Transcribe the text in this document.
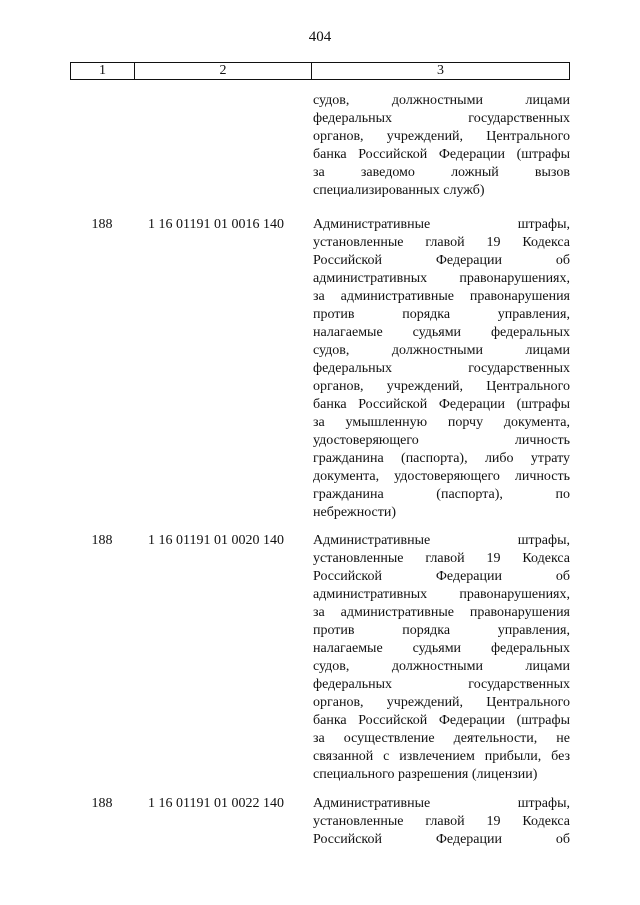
404
1	2	3
судов, должностными лицами
федеральных государственных
органов, учреждений, Центрального
банка Российской Федерации (штрафы
за заведомо ложный вызов
специализированных служб)
188	1 16 01191 01 0016 140	Административные штрафы,
установленные главой 19 Кодекса
Российской Федерации об
административных правонарушениях,
за административные правонарушения
против порядка управления,
налагаемые судьями федеральных
судов, должностными лицами
федеральных государственных
органов, учреждений, Центрального
банка Российской Федерации (штрафы
за умышленную порчу документа,
удостоверяющего личность
гражданина (паспорта), либо утрату
документа, удостоверяющего личность
гражданина (паспорта), по
небрежности)
188	1 16 01191 01 0020 140	Административные штрафы,
установленные главой 19 Кодекса
Российской Федерации об
административных правонарушениях,
за административные правонарушения
против порядка управления,
налагаемые судьями федеральных
судов, должностными лицами
федеральных государственных
органов, учреждений, Центрального
банка Российской Федерации (штрафы
за осуществление деятельности, не
связанной с извлечением прибыли, без
специального разрешения (лицензии)
188	1 16 01191 01 0022 140	Административные штрафы,
установленные главой 19 Кодекса
Российской Федерации об
